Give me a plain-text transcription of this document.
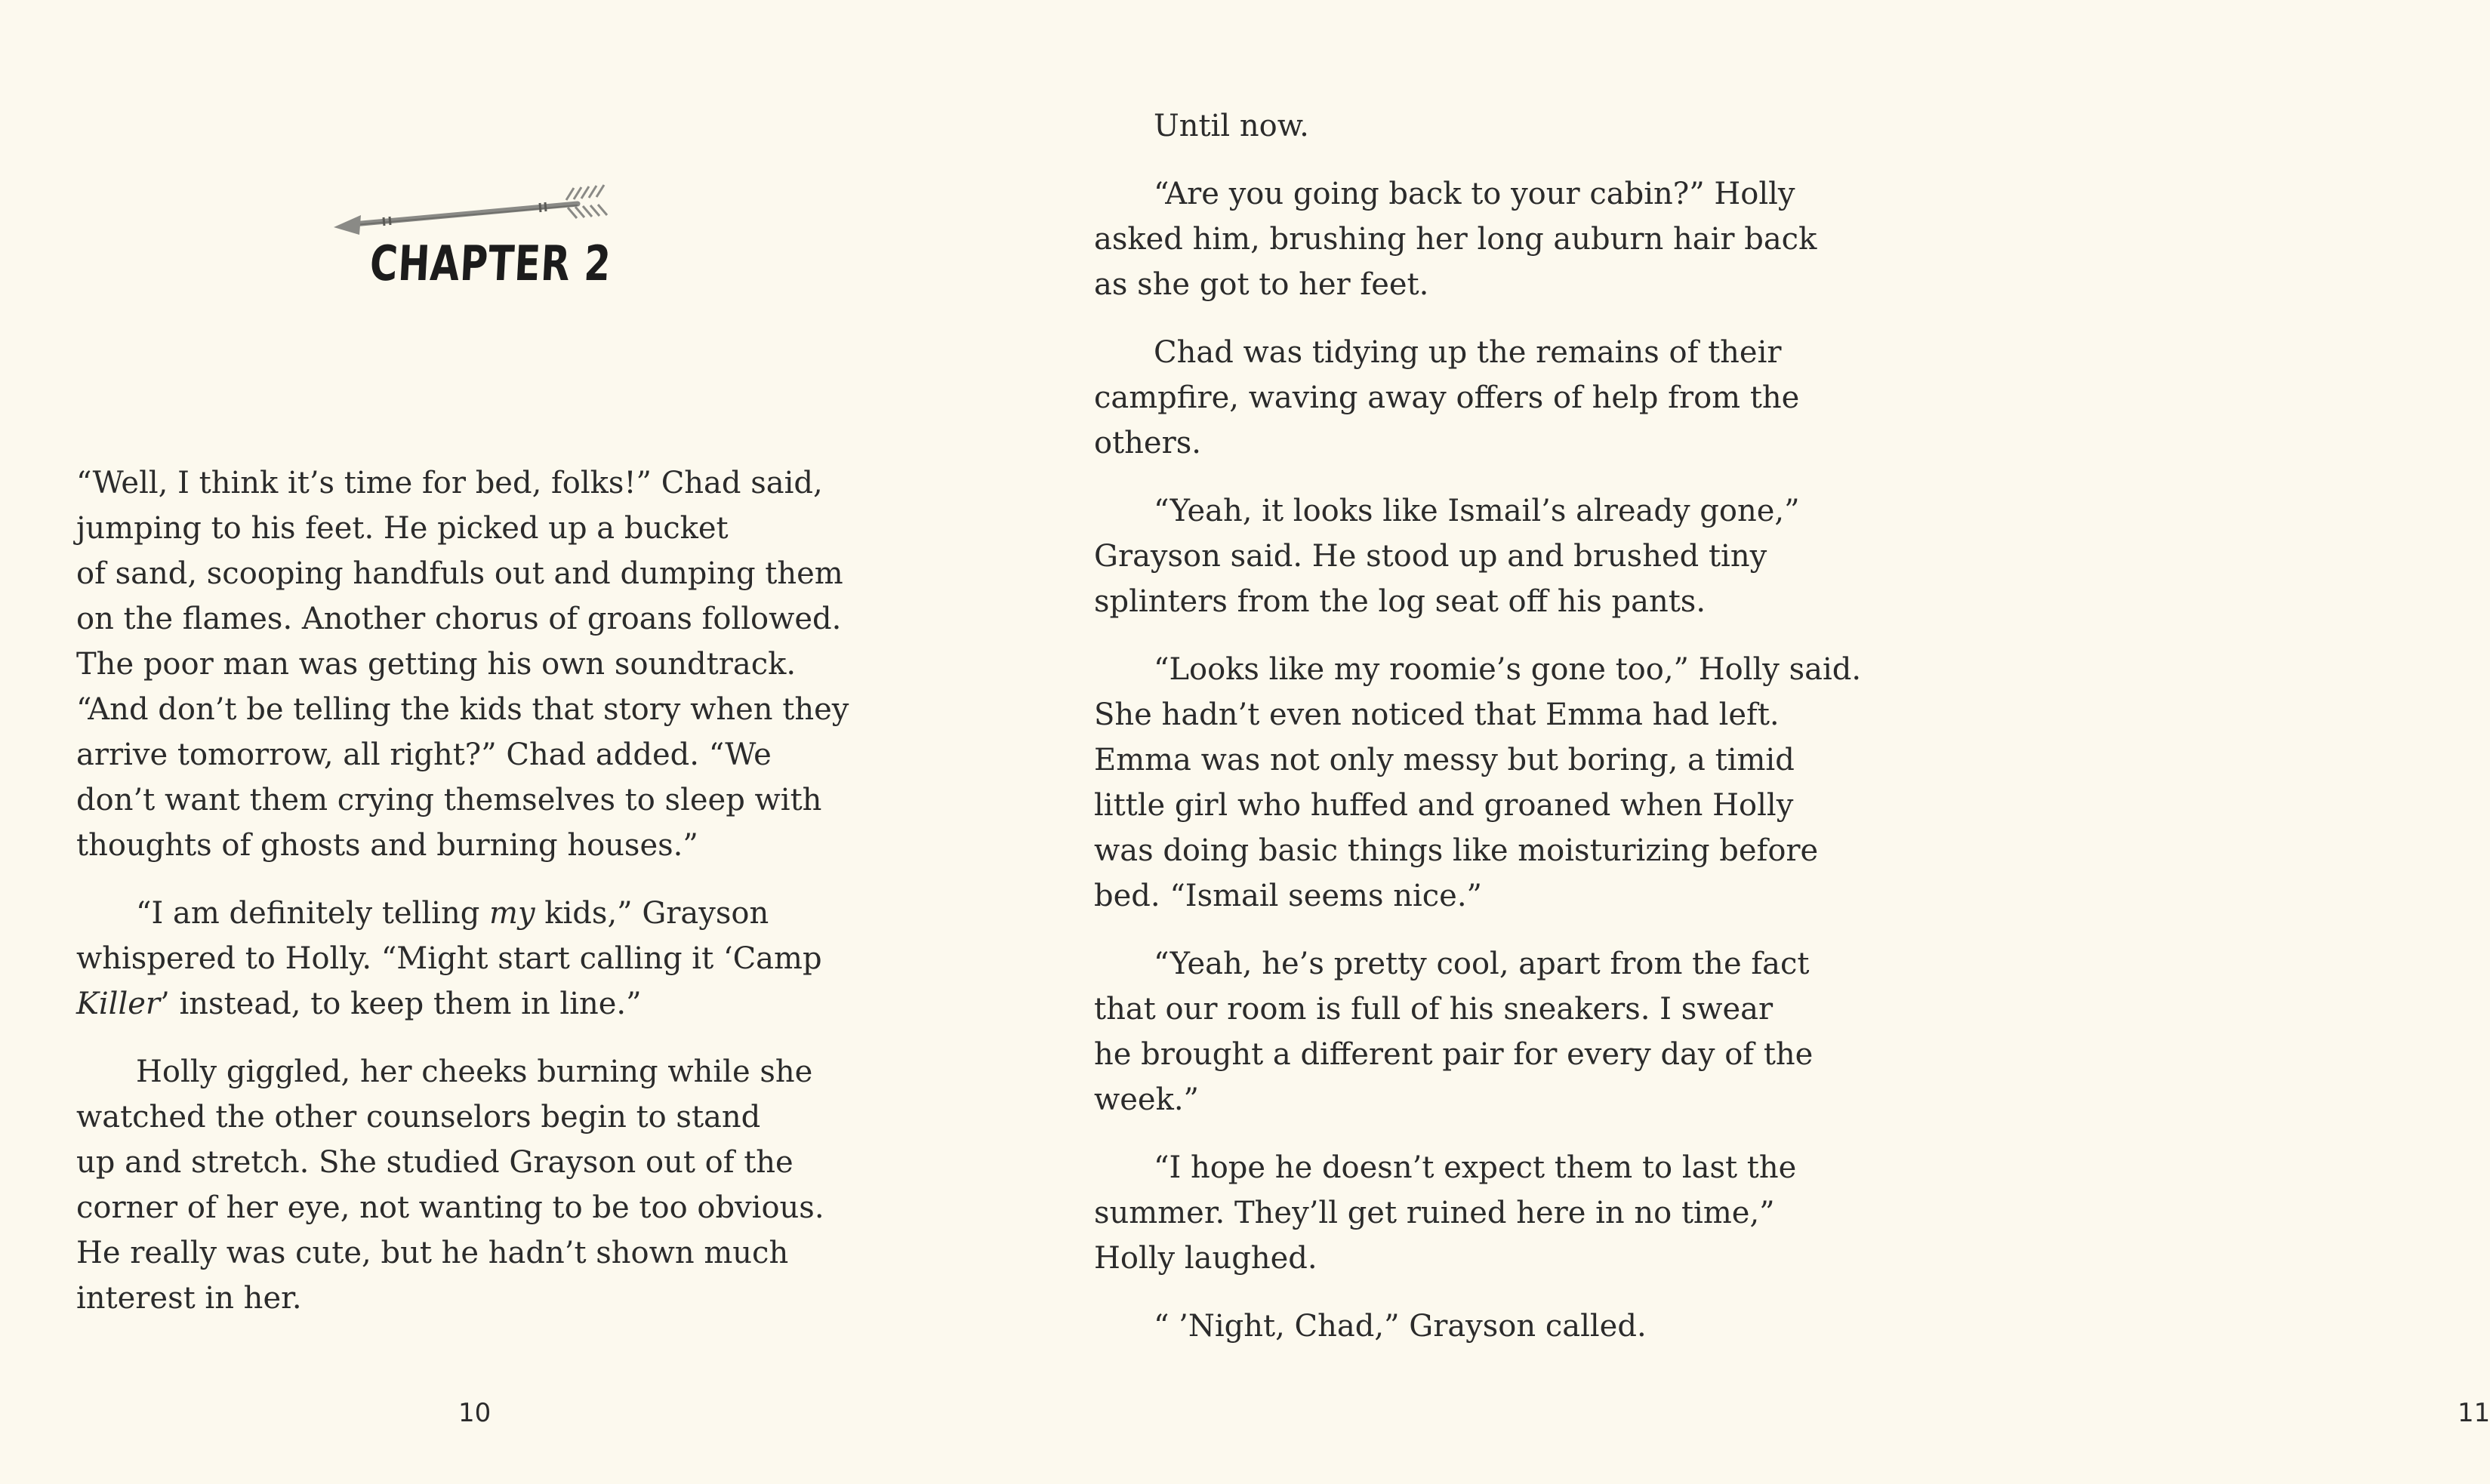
CHAPTER 2
“Well, I think it’s time for bed, folks!” Chad said,
jumping to his feet. He picked up a bucket
of sand, scooping handfuls out and dumping them
on the flames. Another chorus of groans followed.
The poor man was getting his own soundtrack.
“And don’t be telling the kids that story when they
arrive tomorrow, all right?” Chad added. “We
don’t want them crying themselves to sleep with
thoughts of ghosts and burning houses.”
“I am definitely telling my kids,” Grayson
whispered to Holly. “Might start calling it ‘Camp
Killer’ instead, to keep them in line.”
Holly giggled, her cheeks burning while she
watched the other counselors begin to stand
up and stretch. She studied Grayson out of the
corner of her eye, not wanting to be too obvious.
He really was cute, but he hadn’t shown much
interest in her.
10
Until now.
“Are you going back to your cabin?” Holly
asked him, brushing her long auburn hair back
as she got to her feet.
Chad was tidying up the remains of their
campfire, waving away offers of help from the
others.
“Yeah, it looks like Ismail’s already gone,”
Grayson said. He stood up and brushed tiny
splinters from the log seat off his pants.
“Looks like my roomie’s gone too,” Holly said.
She hadn’t even noticed that Emma had left.
Emma was not only messy but boring, a timid
little girl who huffed and groaned when Holly
was doing basic things like moisturizing before
bed. “Ismail seems nice.”
“Yeah, he’s pretty cool, apart from the fact
that our room is full of his sneakers. I swear
he brought a different pair for every day of the
week.”
“I hope he doesn’t expect them to last the
summer. They’ll get ruined here in no time,”
Holly laughed.
“ ’Night, Chad,” Grayson called.
11
